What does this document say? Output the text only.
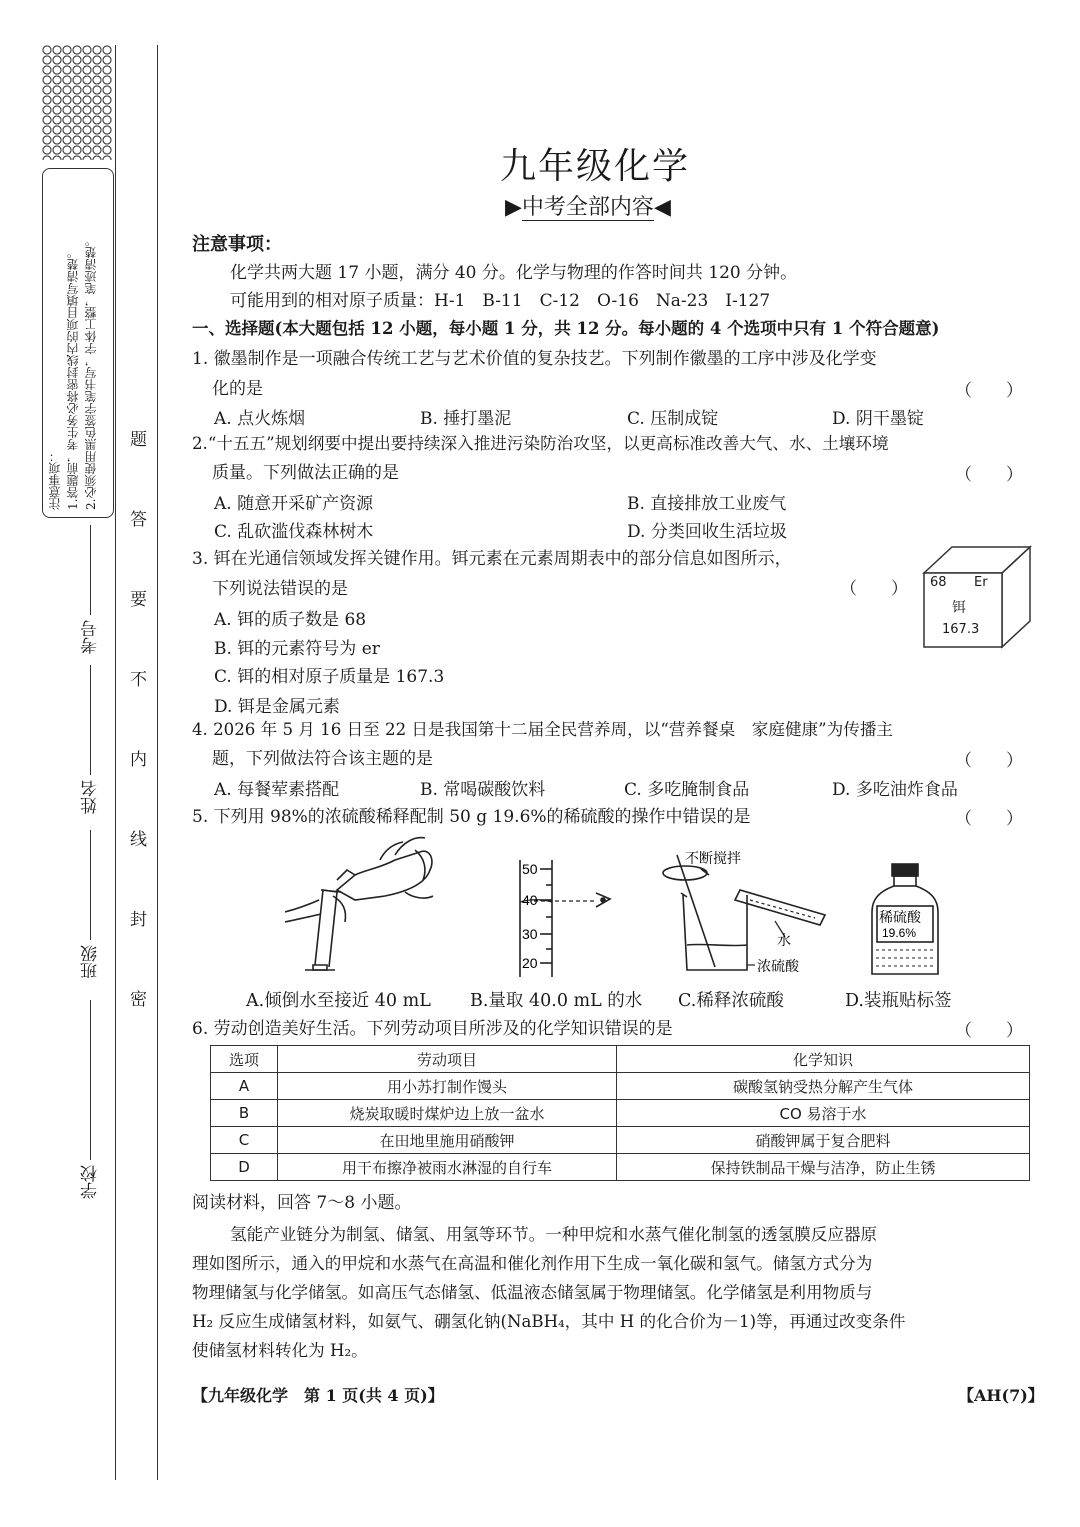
注意事项： 1.答题前，考生务必将密封线内的项目填写清楚。 2.必须使用黑色签字笔书写，字体工整，笔迹清楚。 题
答
要
不
内
线
封
密
学校
班级
姓名
考号
九年级化学
▶中考全部内容◀
注意事项：
化学共两大题 17 小题，满分 40 分。化学与物理的作答时间共 120 分钟。
可能用到的相对原子质量：H-1　B-11　C-12　O-16　Na-23　I-127
一、选择题(本大题包括 12 小题，每小题 1 分，共 12 分。每小题的 4 个选项中只有 1 个符合题意)
1. 徽墨制作是一项融合传统工艺与艺术价值的复杂技艺。下列制作徽墨的工序中涉及化学变
化的是	（　　）
A. 点火炼烟	B. 捶打墨泥	C. 压制成锭	D. 阴干墨锭
2.“十五五”规划纲要中提出要持续深入推进污染防治攻坚，以更高标准改善大气、水、土壤环境
质量。下列做法正确的是	（　　）
A. 随意开采矿产资源	B. 直接排放工业废气
C. 乱砍滥伐森林树木	D. 分类回收生活垃圾
3. 铒在光通信领域发挥关键作用。铒元素在元素周期表中的部分信息如图所示，
下列说法错误的是	（　　）
A. 铒的质子数是 68
B. 铒的元素符号为 er
C. 铒的相对原子质量是 167.3
D. 铒是金属元素
68 Er
铒
167.3
4. 2026 年 5 月 16 日至 22 日是我国第十二届全民营养周，以“营养餐桌　家庭健康”为传播主
题，下列做法符合该主题的是	（　　）
A. 每餐荤素搭配	B. 常喝碳酸饮料	C. 多吃腌制食品	D. 多吃油炸食品
5. 下列用 98%的浓硫酸稀释配制 50 g 19.6%的稀硫酸的操作中错误的是	（　　）
50
40
30
20
不断搅拌
水
浓硫酸
稀硫酸
19.6%
A.倾倒水至接近 40 mL B.量取 40.0 mL 的水 C.稀释浓硫酸	D.装瓶贴标签
6. 劳动创造美好生活。下列劳动项目所涉及的化学知识错误的是	（　　）
选项	劳动项目	化学知识
A	用小苏打制作馒头	碳酸氢钠受热分解产生气体
B	烧炭取暖时煤炉边上放一盆水	CO 易溶于水
C	在田地里施用硝酸钾	硝酸钾属于复合肥料
D	用干布擦净被雨水淋湿的自行车	保持铁制品干燥与洁净，防止生锈
阅读材料，回答 7～8 小题。
氢能产业链分为制氢、储氢、用氢等环节。一种甲烷和水蒸气催化制氢的透氢膜反应器原
理如图所示，通入的甲烷和水蒸气在高温和催化剂作用下生成一氧化碳和氢气。储氢方式分为
物理储氢与化学储氢。如高压气态储氢、低温液态储氢属于物理储氢。化学储氢是利用物质与
H₂ 反应生成储氢材料，如氨气、硼氢化钠(NaBH₄，其中 H 的化合价为－1)等，再通过改变条件
使储氢材料转化为 H₂。
【九年级化学　第 1 页(共 4 页)】	【AH(7)】
